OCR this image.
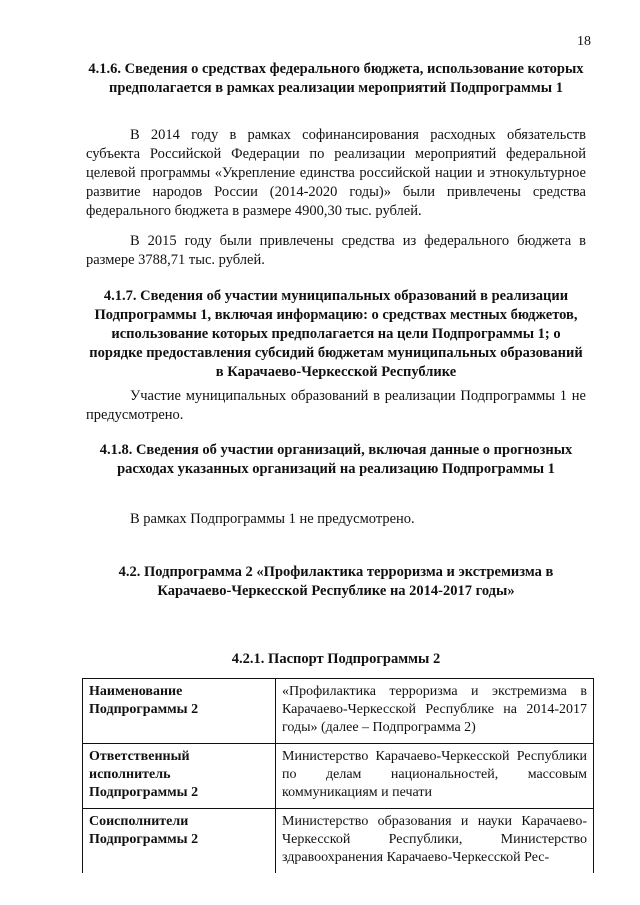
18
4.1.6. Сведения о средствах федерального бюджета, использование которых предполагается в рамках реализации мероприятий Подпрограммы 1
В 2014 году в рамках софинансирования расходных обязательств субъекта Российской Федерации по реализации мероприятий федеральной целевой программы «Укрепление единства российской нации и этнокультурное развитие народов России (2014-2020 годы)» были привлечены средства федерального бюджета в размере 4900,30 тыс. рублей.
В 2015 году были привлечены средства из федерального бюджета в размере 3788,71 тыс. рублей.
4.1.7. Сведения об участии муниципальных образований в реализации Подпрограммы 1, включая информацию: о средствах местных бюджетов, использование которых предполагается на цели Подпрограммы 1; о порядке предоставления субсидий бюджетам муниципальных образований в Карачаево-Черкесской Республике
Участие муниципальных образований в реализации Подпрограммы 1 не предусмотрено.
4.1.8. Сведения об участии организаций, включая данные о прогнозных расходах указанных организаций на реализацию Подпрограммы 1
В рамках Подпрограммы 1 не предусмотрено.
4.2. Подпрограмма 2 «Профилактика терроризма и экстремизма в Карачаево-Черкесской Республике на 2014-2017 годы»
4.2.1. Паспорт Подпрограммы 2
Наименование Подпрограммы 2	«Профилактика терроризма и экстремизма в Карачаево-Черкесской Республике на 2014-2017 годы» (далее – Подпрограмма 2)
Ответственный исполнитель Подпрограммы 2	Министерство Карачаево-Черкесской Республики по делам национальностей, массовым коммуникациям и печати
Соисполнители Подпрограммы 2	Министерство образования и науки Карачаево-Черкесской Республики, Министерство здравоохранения Карачаево-Черкесской Рес-
